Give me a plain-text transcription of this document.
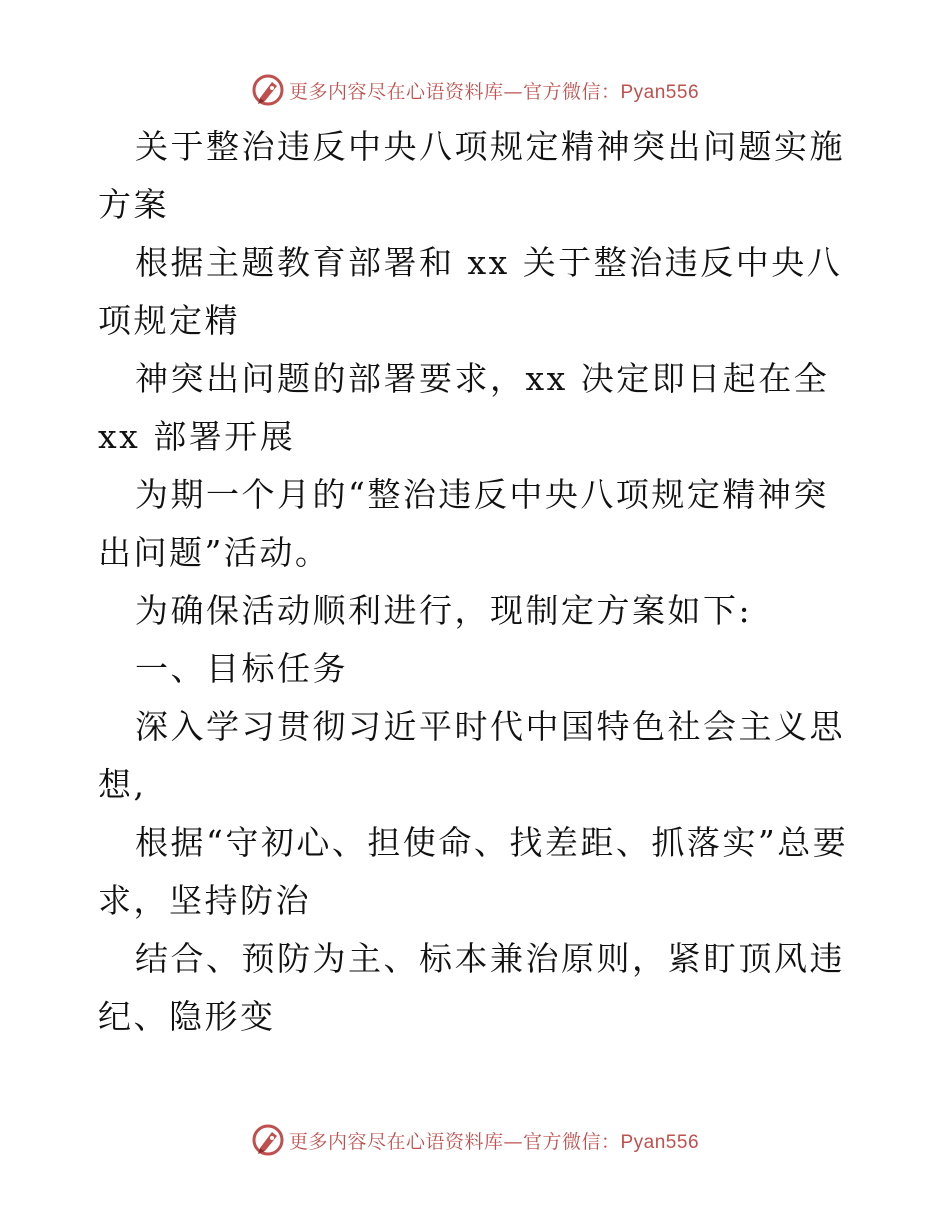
更多内容尽在心语资料库—官方微信：Pyan556

关于整治违反中央八项规定精神突出问题实施方案

根据主题教育部署和 xx 关于整治违反中央八项规定精

神突出问题的部署要求，xx 决定即日起在全 xx 部署开展

为期一个月的“整治违反中央八项规定精神突出问题”活动。

为确保活动顺利进行，现制定方案如下:

一、目标任务

深入学习贯彻习近平时代中国特色社会主义思想,

根据“守初心、担使命、找差距、抓落实”总要求，坚持防治

结合、预防为主、标本兼治原则，紧盯顶风违纪、隐形变

更多内容尽在心语资料库—官方微信：Pyan556
